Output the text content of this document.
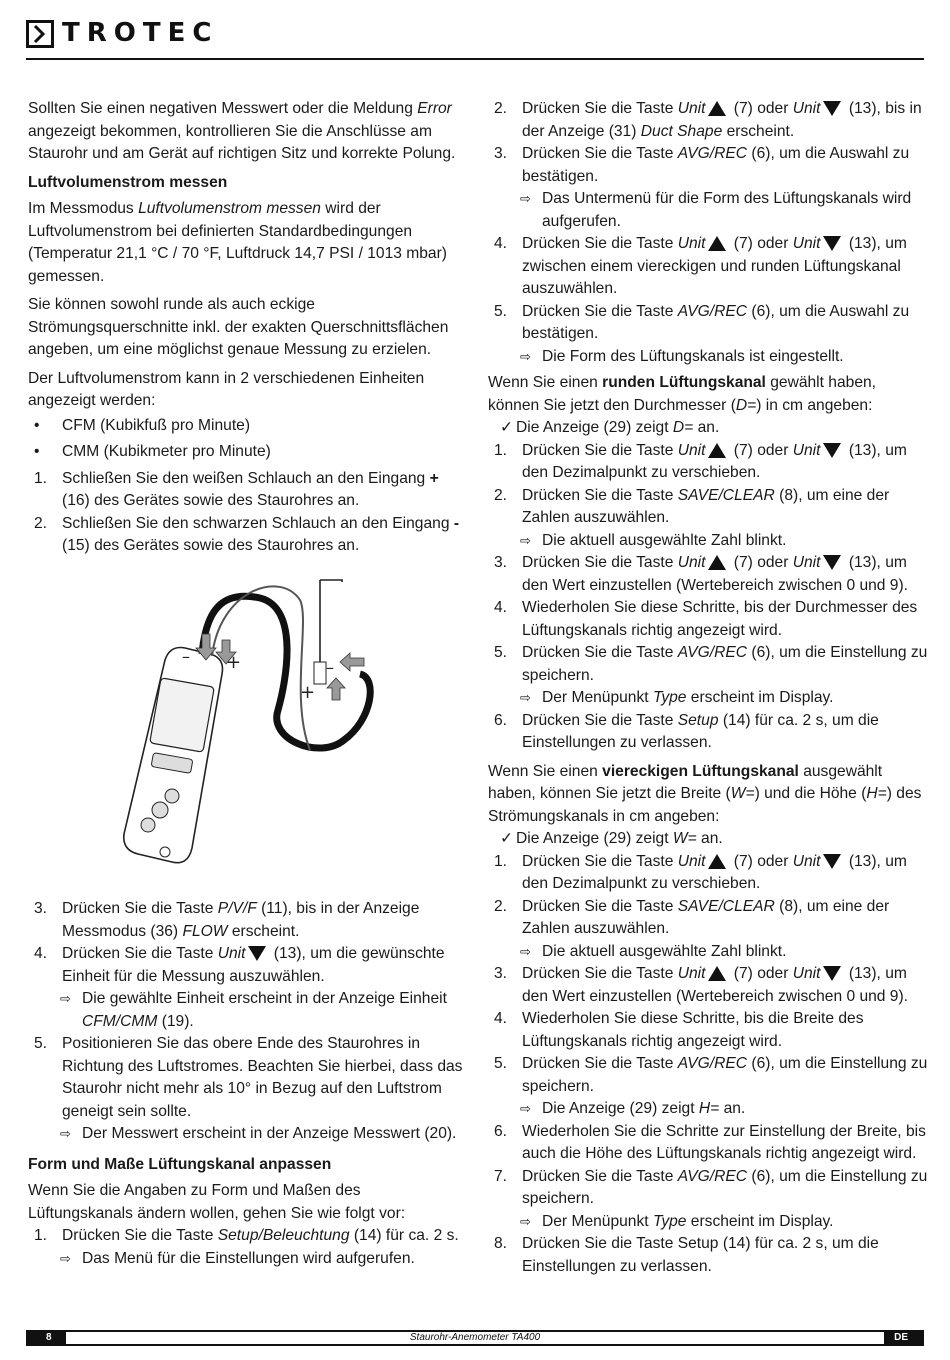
TROTEC

Sollten Sie einen negativen Messwert oder die Meldung Error angezeigt bekommen, kontrollieren Sie die Anschlüsse am Staurohr und am Gerät auf richtigen Sitz und korrekte Polung.

Luftvolumenstrom messen

Im Messmodus Luftvolumenstrom messen wird der Luftvolumenstrom bei definierten Standardbedingungen (Temperatur 21,1 °C / 70 °F, Luftdruck 14,7 PSI / 1013 mbar) gemessen.

Sie können sowohl runde als auch eckige Strömungsquerschnitte inkl. der exakten Querschnittsflächen angeben, um eine möglichst genaue Messung zu erzielen.

Der Luftvolumenstrom kann in 2 verschiedenen Einheiten angezeigt werden:

• CFM (Kubikfuß pro Minute)
• CMM (Kubikmeter pro Minute)
1. Schließen Sie den weißen Schlauch an den Eingang + (16) des Gerätes sowie des Staurohres an.
2. Schließen Sie den schwarzen Schlauch an den Eingang - (15) des Gerätes sowie des Staurohres an.
– +	–
+
3. Drücken Sie die Taste P/V/F (11), bis in der Anzeige Messmodus (36) FLOW erscheint.
4. Drücken Sie die Taste Unit (13), um die gewünschte Einheit für die Messung auszuwählen.
⇨ Die gewählte Einheit erscheint in der Anzeige Einheit CFM/CMM (19).
5. Positionieren Sie das obere Ende des Staurohres in Richtung des Luftstromes. Beachten Sie hierbei, dass das Staurohr nicht mehr als 10° in Bezug auf den Luftstrom geneigt sein sollte.
⇨ Der Messwert erscheint in der Anzeige Messwert (20).
Form und Maße Lüftungskanal anpassen

Wenn Sie die Angaben zu Form und Maßen des Lüftungskanals ändern wollen, gehen Sie wie folgt vor:

1. Drücken Sie die Taste Setup/Beleuchtung (14) für ca. 2 s.
⇨ Das Menü für die Einstellungen wird aufgerufen.
2. Drücken Sie die Taste Unit (7) oder Unit (13), bis in der Anzeige (31) Duct Shape erscheint.
3. Drücken Sie die Taste AVG/REC (6), um die Auswahl zu bestätigen.
⇨ Das Untermenü für die Form des Lüftungskanals wird aufgerufen.
4. Drücken Sie die Taste Unit (7) oder Unit (13), um zwischen einem viereckigen und runden Lüftungskanal auszuwählen.
5. Drücken Sie die Taste AVG/REC (6), um die Auswahl zu bestätigen.
⇨ Die Form des Lüftungskanals ist eingestellt.

Wenn Sie einen runden Lüftungskanal gewählt haben, können Sie jetzt den Durchmesser (D=) in cm angeben:

✓ Die Anzeige (29) zeigt D= an.
1. Drücken Sie die Taste Unit (7) oder Unit (13), um den Dezimalpunkt zu verschieben.
2. Drücken Sie die Taste SAVE/CLEAR (8), um eine der Zahlen auszuwählen.
⇨ Die aktuell ausgewählte Zahl blinkt.
3. Drücken Sie die Taste Unit (7) oder Unit (13), um den Wert einzustellen (Wertebereich zwischen 0 und 9).
4. Wiederholen Sie diese Schritte, bis der Durchmesser des Lüftungskanals richtig angezeigt wird.
5. Drücken Sie die Taste AVG/REC (6), um die Einstellung zu speichern.
⇨ Der Menüpunkt Type erscheint im Display.
6. Drücken Sie die Taste Setup (14) für ca. 2 s, um die Einstellungen zu verlassen.

Wenn Sie einen viereckigen Lüftungskanal ausgewählt haben, können Sie jetzt die Breite (W=) und die Höhe (H=) des Strömungskanals in cm angeben:

✓ Die Anzeige (29) zeigt W= an.
1. Drücken Sie die Taste Unit (7) oder Unit (13), um den Dezimalpunkt zu verschieben.
2. Drücken Sie die Taste SAVE/CLEAR (8), um eine der Zahlen auszuwählen.
⇨ Die aktuell ausgewählte Zahl blinkt.
3. Drücken Sie die Taste Unit (7) oder Unit (13), um den Wert einzustellen (Wertebereich zwischen 0 und 9).
4. Wiederholen Sie diese Schritte, bis die Breite des Lüftungskanals richtig angezeigt wird.
5. Drücken Sie die Taste AVG/REC (6), um die Einstellung zu speichern.
⇨ Die Anzeige (29) zeigt H= an.
6. Wiederholen Sie die Schritte zur Einstellung der Breite, bis auch die Höhe des Lüftungskanals richtig angezeigt wird.
7. Drücken Sie die Taste AVG/REC (6), um die Einstellung zu speichern.
⇨ Der Menüpunkt Type erscheint im Display.
8. Drücken Sie die Taste Setup (14) für ca. 2 s, um die Einstellungen zu verlassen.
8	Staurohr-Anemometer TA400	DE
